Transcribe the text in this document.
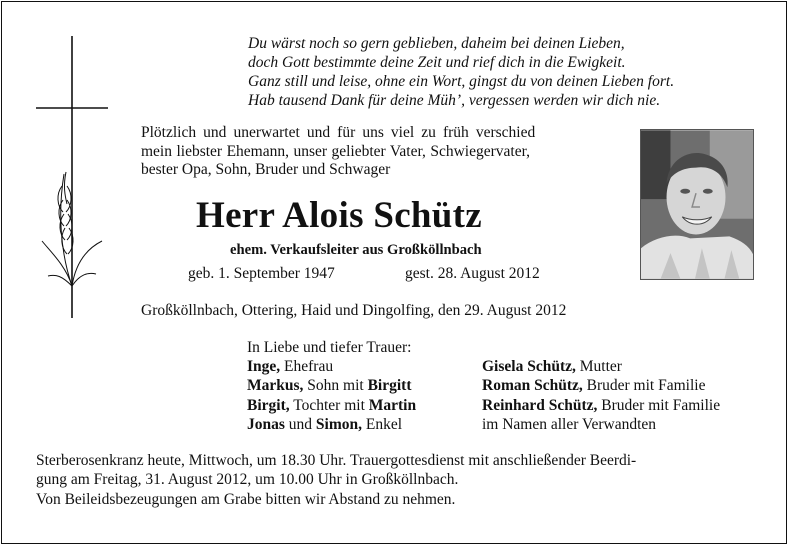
Du wärst noch so gern geblieben, daheim bei deinen Lieben,
doch Gott bestimmte deine Zeit und rief dich in die Ewigkeit.
Ganz still und leise, ohne ein Wort, gingst du von deinen Lieben fort.
Hab tausend Dank für deine Müh’, vergessen werden wir dich nie.
Plötzlich und unerwartet und für uns viel zu früh verschied
mein liebster Ehemann, unser geliebter Vater, Schwiegervater,
bester Opa, Sohn, Bruder und Schwager
Herr Alois Schütz
ehem. Verkaufsleiter aus Großköllnbach
geb. 1. September 1947	gest. 28. August 2012
Großköllnbach, Ottering, Haid und Dingolfing, den 29. August 2012
In Liebe und tiefer Trauer:
Inge, Ehefrau
Markus, Sohn mit Birgitt
Birgit, Tochter mit Martin
Jonas und Simon, Enkel
Gisela Schütz, Mutter
Roman Schütz, Bruder mit Familie
Reinhard Schütz, Bruder mit Familie
im Namen aller Verwandten
Sterberosenkranz heute, Mittwoch, um 18.30 Uhr. Trauergottesdienst mit anschließender Beerdi-
gung am Freitag, 31. August 2012, um 10.00 Uhr in Großköllnbach.
Von Beileidsbezeugungen am Grabe bitten wir Abstand zu nehmen.
